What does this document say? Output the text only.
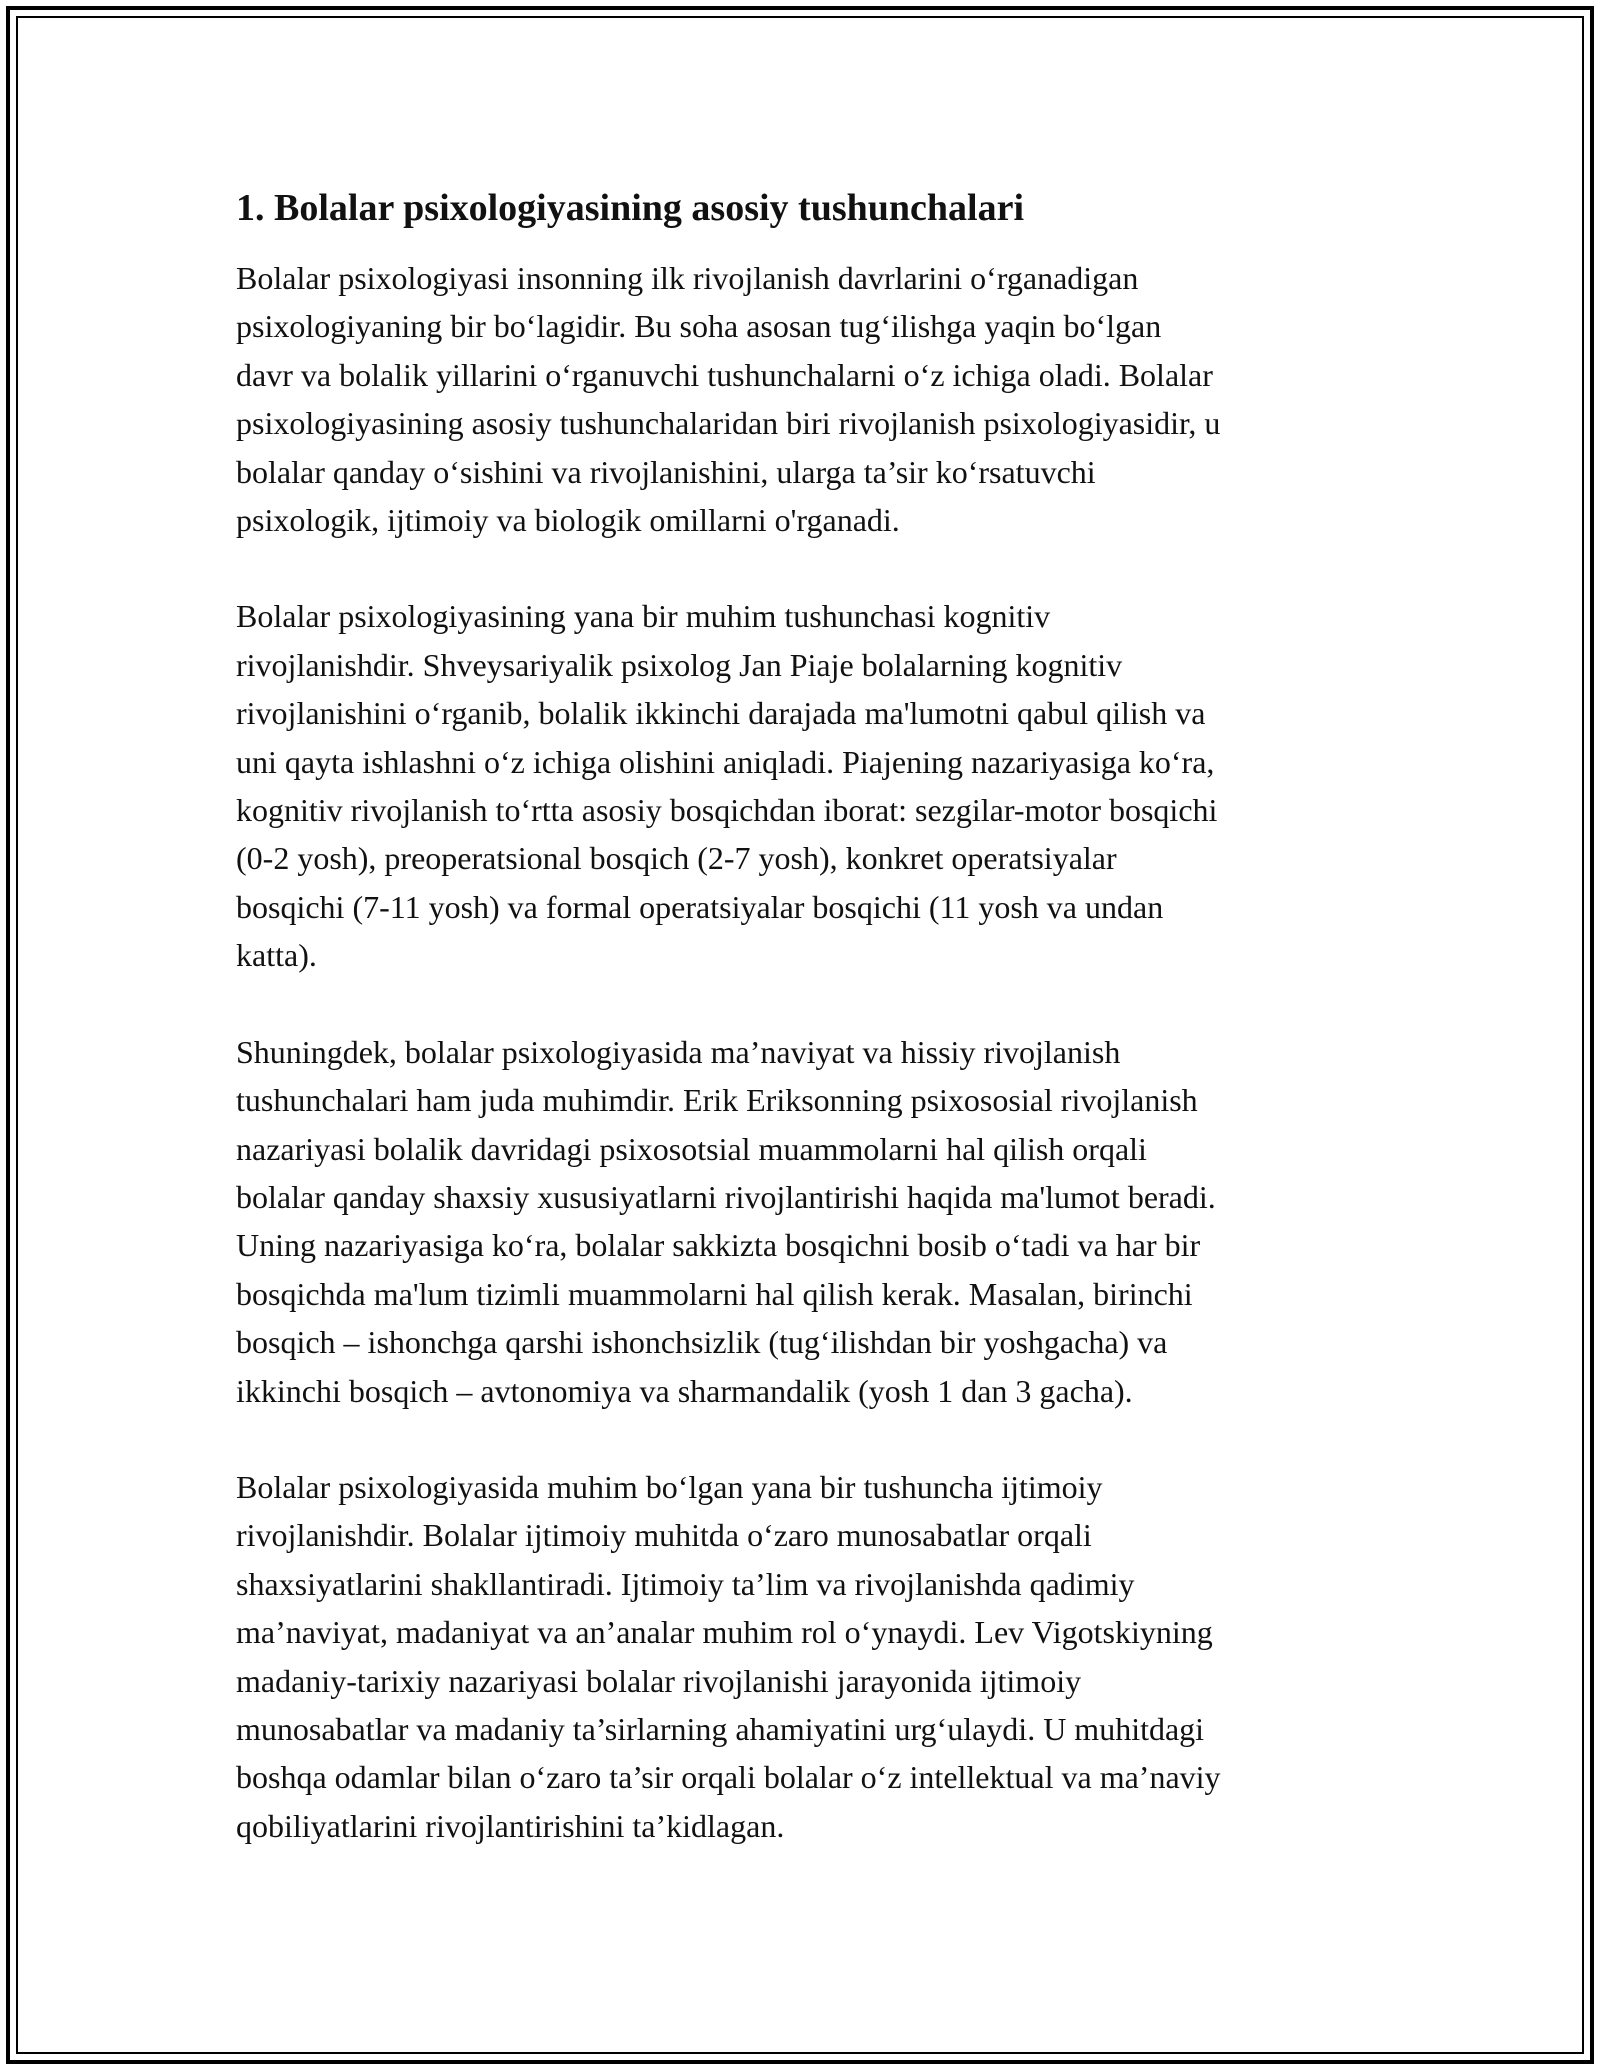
1. Bolalar psixologiyasining asosiy tushunchalari

Bolalar psixologiyasi insonning ilk rivojlanish davrlarini o‘rganadigan
psixologiyaning bir bo‘lagidir. Bu soha asosan tug‘ilishga yaqin bo‘lgan
davr va bolalik yillarini o‘rganuvchi tushunchalarni o‘z ichiga oladi. Bolalar
psixologiyasining asosiy tushunchalaridan biri rivojlanish psixologiyasidir, u
bolalar qanday o‘sishini va rivojlanishini, ularga ta’sir ko‘rsatuvchi
psixologik, ijtimoiy va biologik omillarni o'rganadi.

Bolalar psixologiyasining yana bir muhim tushunchasi kognitiv
rivojlanishdir. Shveysariyalik psixolog Jan Piaje bolalarning kognitiv
rivojlanishini o‘rganib, bolalik ikkinchi darajada ma'lumotni qabul qilish va
uni qayta ishlashni o‘z ichiga olishini aniqladi. Piajening nazariyasiga ko‘ra,
kognitiv rivojlanish to‘rtta asosiy bosqichdan iborat: sezgilar-motor bosqichi
(0-2 yosh), preoperatsional bosqich (2-7 yosh), konkret operatsiyalar
bosqichi (7-11 yosh) va formal operatsiyalar bosqichi (11 yosh va undan
katta).

Shuningdek, bolalar psixologiyasida ma’naviyat va hissiy rivojlanish
tushunchalari ham juda muhimdir. Erik Eriksonning psixososial rivojlanish
nazariyasi bolalik davridagi psixosotsial muammolarni hal qilish orqali
bolalar qanday shaxsiy xususiyatlarni rivojlantirishi haqida ma'lumot beradi.
Uning nazariyasiga ko‘ra, bolalar sakkizta bosqichni bosib o‘tadi va har bir
bosqichda ma'lum tizimli muammolarni hal qilish kerak. Masalan, birinchi
bosqich – ishonchga qarshi ishonchsizlik (tug‘ilishdan bir yoshgacha) va
ikkinchi bosqich – avtonomiya va sharmandalik (yosh 1 dan 3 gacha).

Bolalar psixologiyasida muhim bo‘lgan yana bir tushuncha ijtimoiy
rivojlanishdir. Bolalar ijtimoiy muhitda o‘zaro munosabatlar orqali
shaxsiyatlarini shakllantiradi. Ijtimoiy ta’lim va rivojlanishda qadimiy
ma’naviyat, madaniyat va an’analar muhim rol o‘ynaydi. Lev Vigotskiyning
madaniy-tarixiy nazariyasi bolalar rivojlanishi jarayonida ijtimoiy
munosabatlar va madaniy ta’sirlarning ahamiyatini urg‘ulaydi. U muhitdagi
boshqa odamlar bilan o‘zaro ta’sir orqali bolalar o‘z intellektual va ma’naviy
qobiliyatlarini rivojlantirishini ta’kidlagan.
